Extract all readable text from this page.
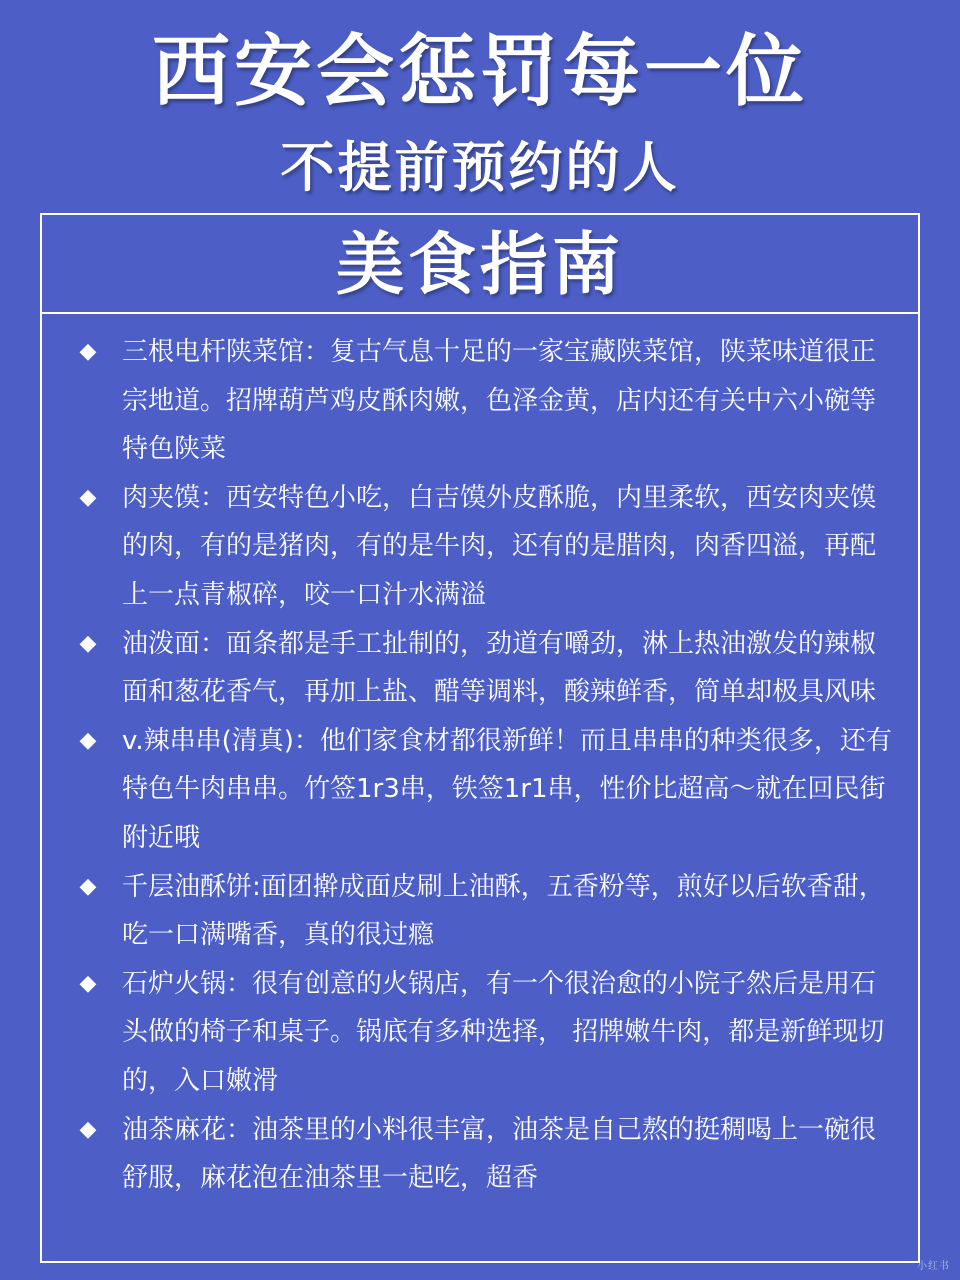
西安会惩罚每一位
不提前预约的人
美食指南
◆ 三根电杆陕菜馆：复古气息十足的一家宝藏陕菜馆，陕菜味道很正宗地道。招牌葫芦鸡皮酥肉嫩，色泽金黄，店内还有关中六小碗等特色陕菜
◆ 肉夹馍：西安特色小吃，白吉馍外皮酥脆，内里柔软，西安肉夹馍的肉，有的是猪肉，有的是牛肉，还有的是腊肉，肉香四溢，再配上一点青椒碎，咬一口汁水满溢
◆ 油泼面：面条都是手工扯制的，劲道有嚼劲，淋上热油激发的辣椒面和葱花香气，再加上盐、醋等调料，酸辣鲜香，简单却极具风味
◆ v.辣串串(清真)：他们家食材都很新鲜！而且串串的种类很多，还有特色牛肉串串。竹签1r3串，铁签1r1串，性价比超高～就在回民街附近哦
◆ 千层油酥饼:面团擀成面皮刷上油酥，五香粉等，煎好以后软香甜，吃一口满嘴香，真的很过瘾
◆ 石炉火锅：很有创意的火锅店，有一个很治愈的小院子然后是用石头做的椅子和桌子。锅底有多种选择， 招牌嫩牛肉，都是新鲜现切的，入口嫩滑
◆ 油茶麻花：油茶里的小料很丰富，油茶是自己熬的挺稠喝上一碗很舒服，麻花泡在油茶里一起吃，超香
小红书
